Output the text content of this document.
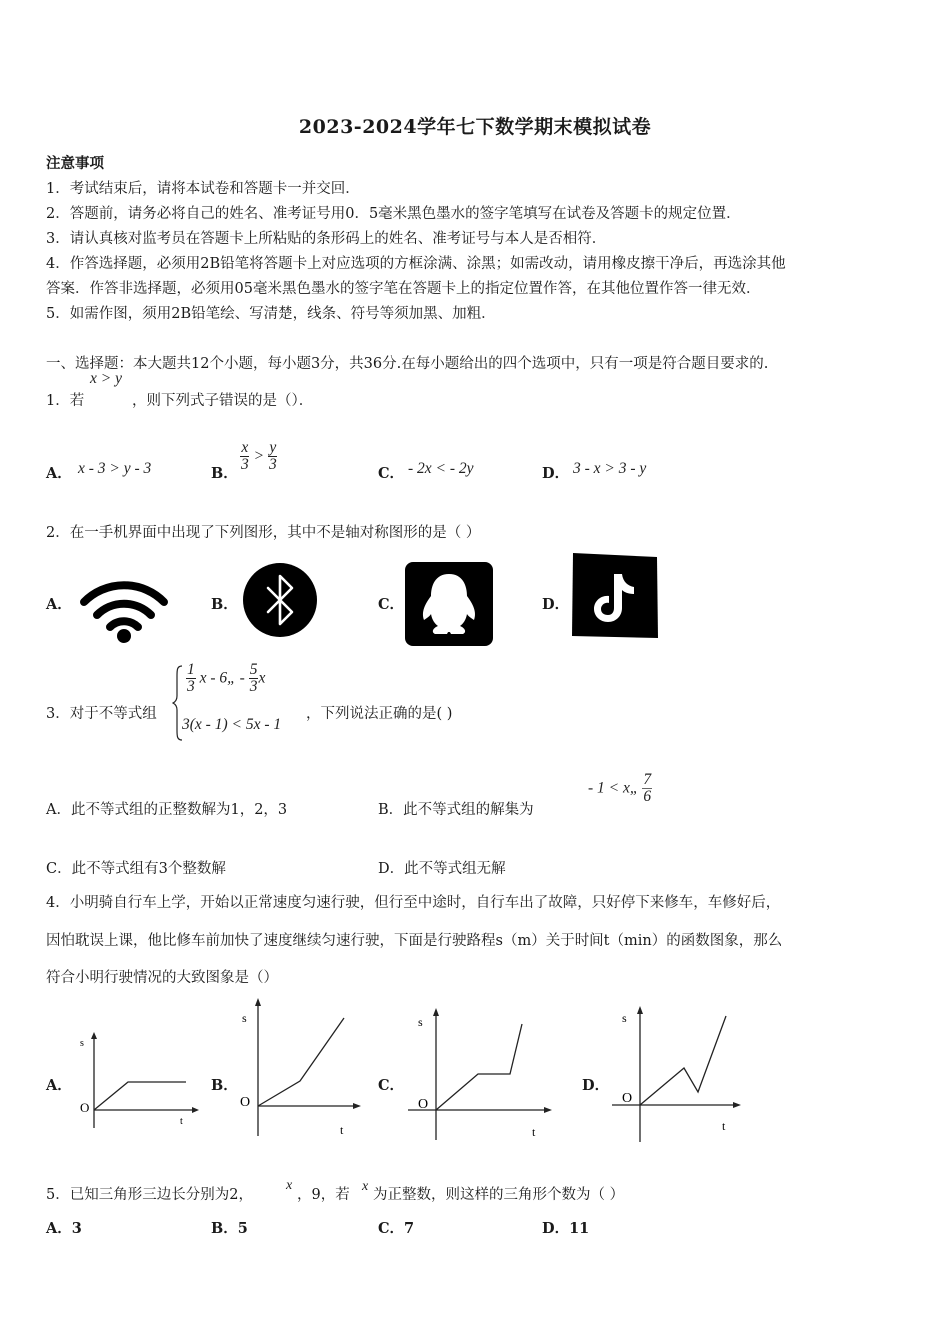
2023-2024学年七下数学期末模拟试卷
注意事项
1．考试结束后，请将本试卷和答题卡一并交回．
2．答题前，请务必将自己的姓名、准考证号用0．5毫米黑色墨水的签字笔填写在试卷及答题卡的规定位置．
3．请认真核对监考员在答题卡上所粘贴的条形码上的姓名、准考证号与本人是否相符．
4．作答选择题，必须用2B铅笔将答题卡上对应选项的方框涂满、涂黑；如需改动，请用橡皮擦干净后，再选涂其他
答案．作答非选择题，必须用05毫米黑色墨水的签字笔在答题卡上的指定位置作答，在其他位置作答一律无效．
5．如需作图，须用2B铅笔绘、写清楚，线条、符号等须加黑、加粗．
一、选择题：本大题共12个小题，每小题3分，共36分.在每小题给出的四个选项中，只有一项是符合题目要求的.
1．若
x > y
，则下列式子错误的是（）．
A． x - 3 > y - 3	B． $\frac{x}{3} > \frac{y}{3}$	C． - 2x < - 2y	D． 3 - x > 3 - y
2．在一手机界面中出现了下列图形，其中不是轴对称图形的是（ ）
A．	B．	C．	D．
3．对于不等式组
$\frac{1}{3}$ x - 6„ - $\frac{5}{3}$ x
3(x - 1) < 5x - 1
，下列说法正确的是( )
A．此不等式组的正整数解为1，2，3	B．此不等式组的解集为
- 1 < x„ $\frac{7}{6}$
C．此不等式组有3个整数解	D．此不等式组无解
4．小明骑自行车上学，开始以正常速度匀速行驶，但行至中途时，自行车出了故障，只好停下来修车，车修好后，
因怕耽误上课，他比修车前加快了速度继续匀速行驶，下面是行驶路程s（m）关于时间t（min）的函数图象，那么
符合小明行驶情况的大致图象是（）
A．
s
t
O
B．
s
t
O
C．
s
t
O
D．
s
t
O
5．已知三角形三边长分别为2，
x
，9，若
x
为正整数，则这样的三角形个数为（ ）
A．3	B．5	C．7	D．11
